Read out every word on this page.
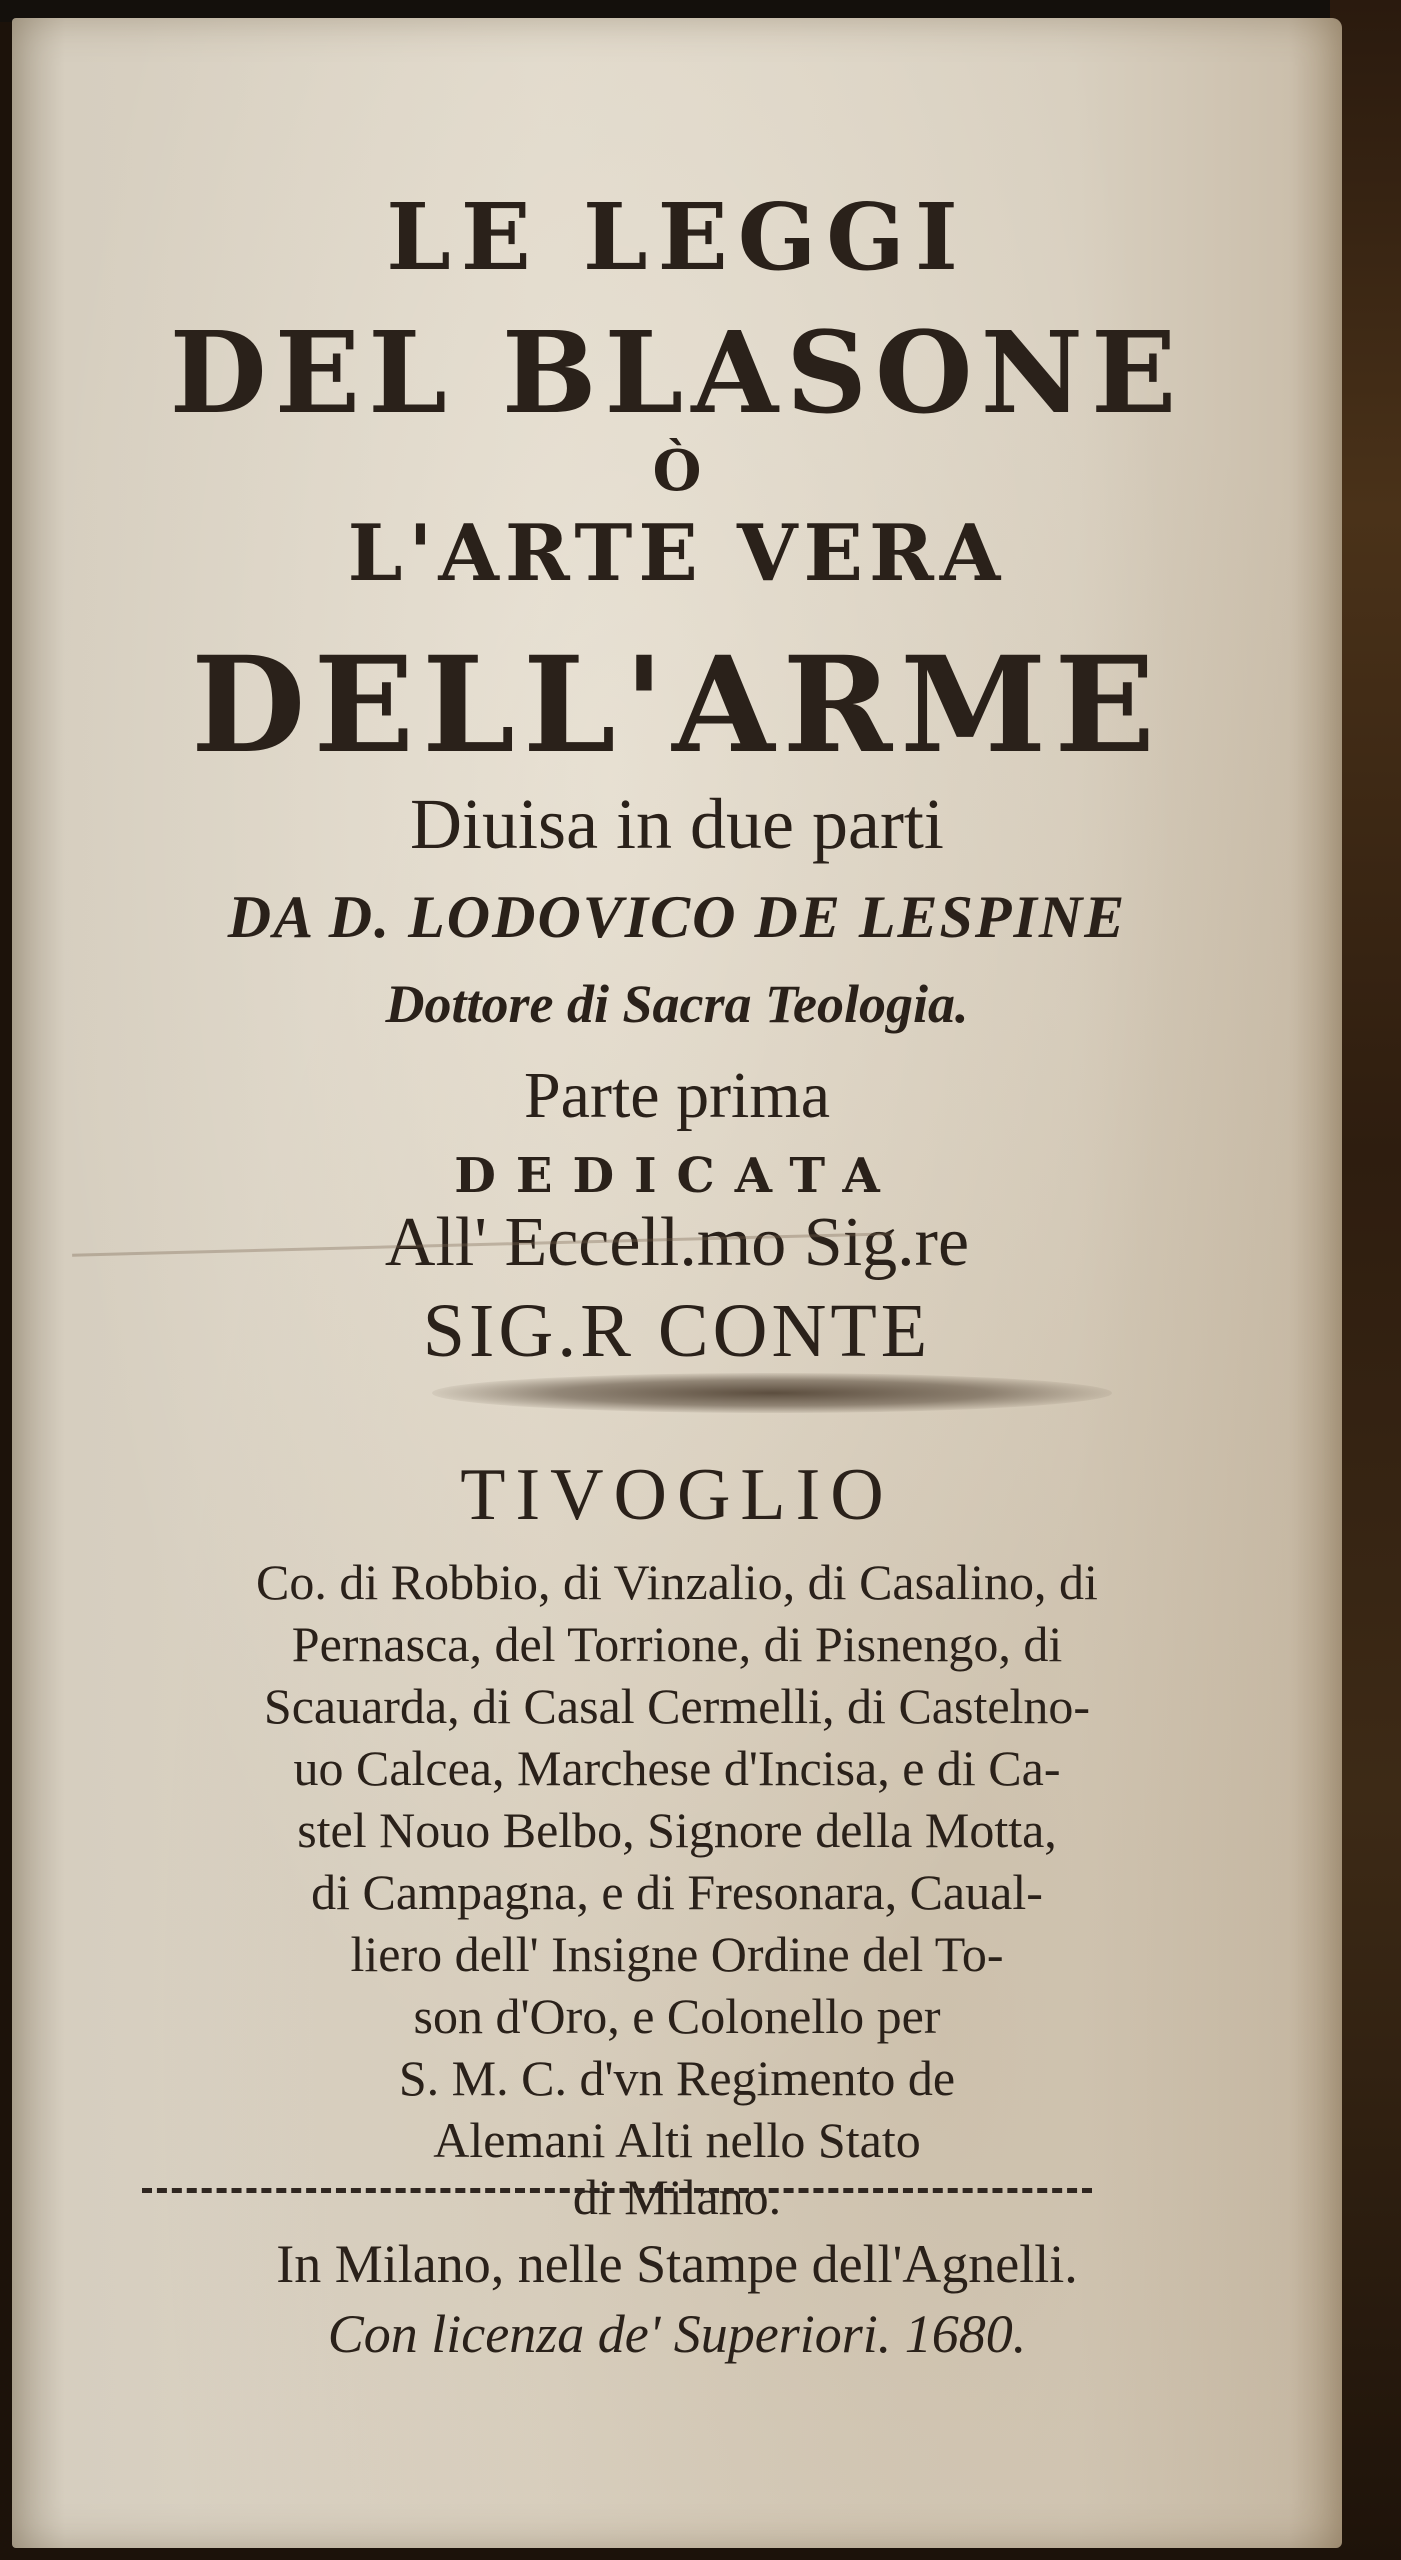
LE LEGGI
DEL BLASONE
Ò
L'ARTE VERA
DELL'ARME
Diuisa in due parti
DA D. LODOVICO DE LESPINE
Dottore di Sacra Teologia.
Parte prima
DEDICATA
All' Eccell.mo Sig.re
SIG.R CONTE
TIVOGLIO
Co. di Robbio, di Vinzalio, di Casalino, di
Pernasca, del Torrione, di Pisnengo, di
Scauarda, di Casal Cermelli, di Castelno-
uo Calcea, Marchese d'Incisa, e di Ca-
stel Nouo Belbo, Signore della Motta,
di Campagna, e di Fresonara, Caual-
liero dell' Insigne Ordine del To-
son d'Oro, e Colonello per
S. M. C. d'vn Regimento de
Alemani Alti nello Stato
di Milano.
In Milano, nelle Stampe dell'Agnelli.
Con licenza de' Superiori. 1680.
